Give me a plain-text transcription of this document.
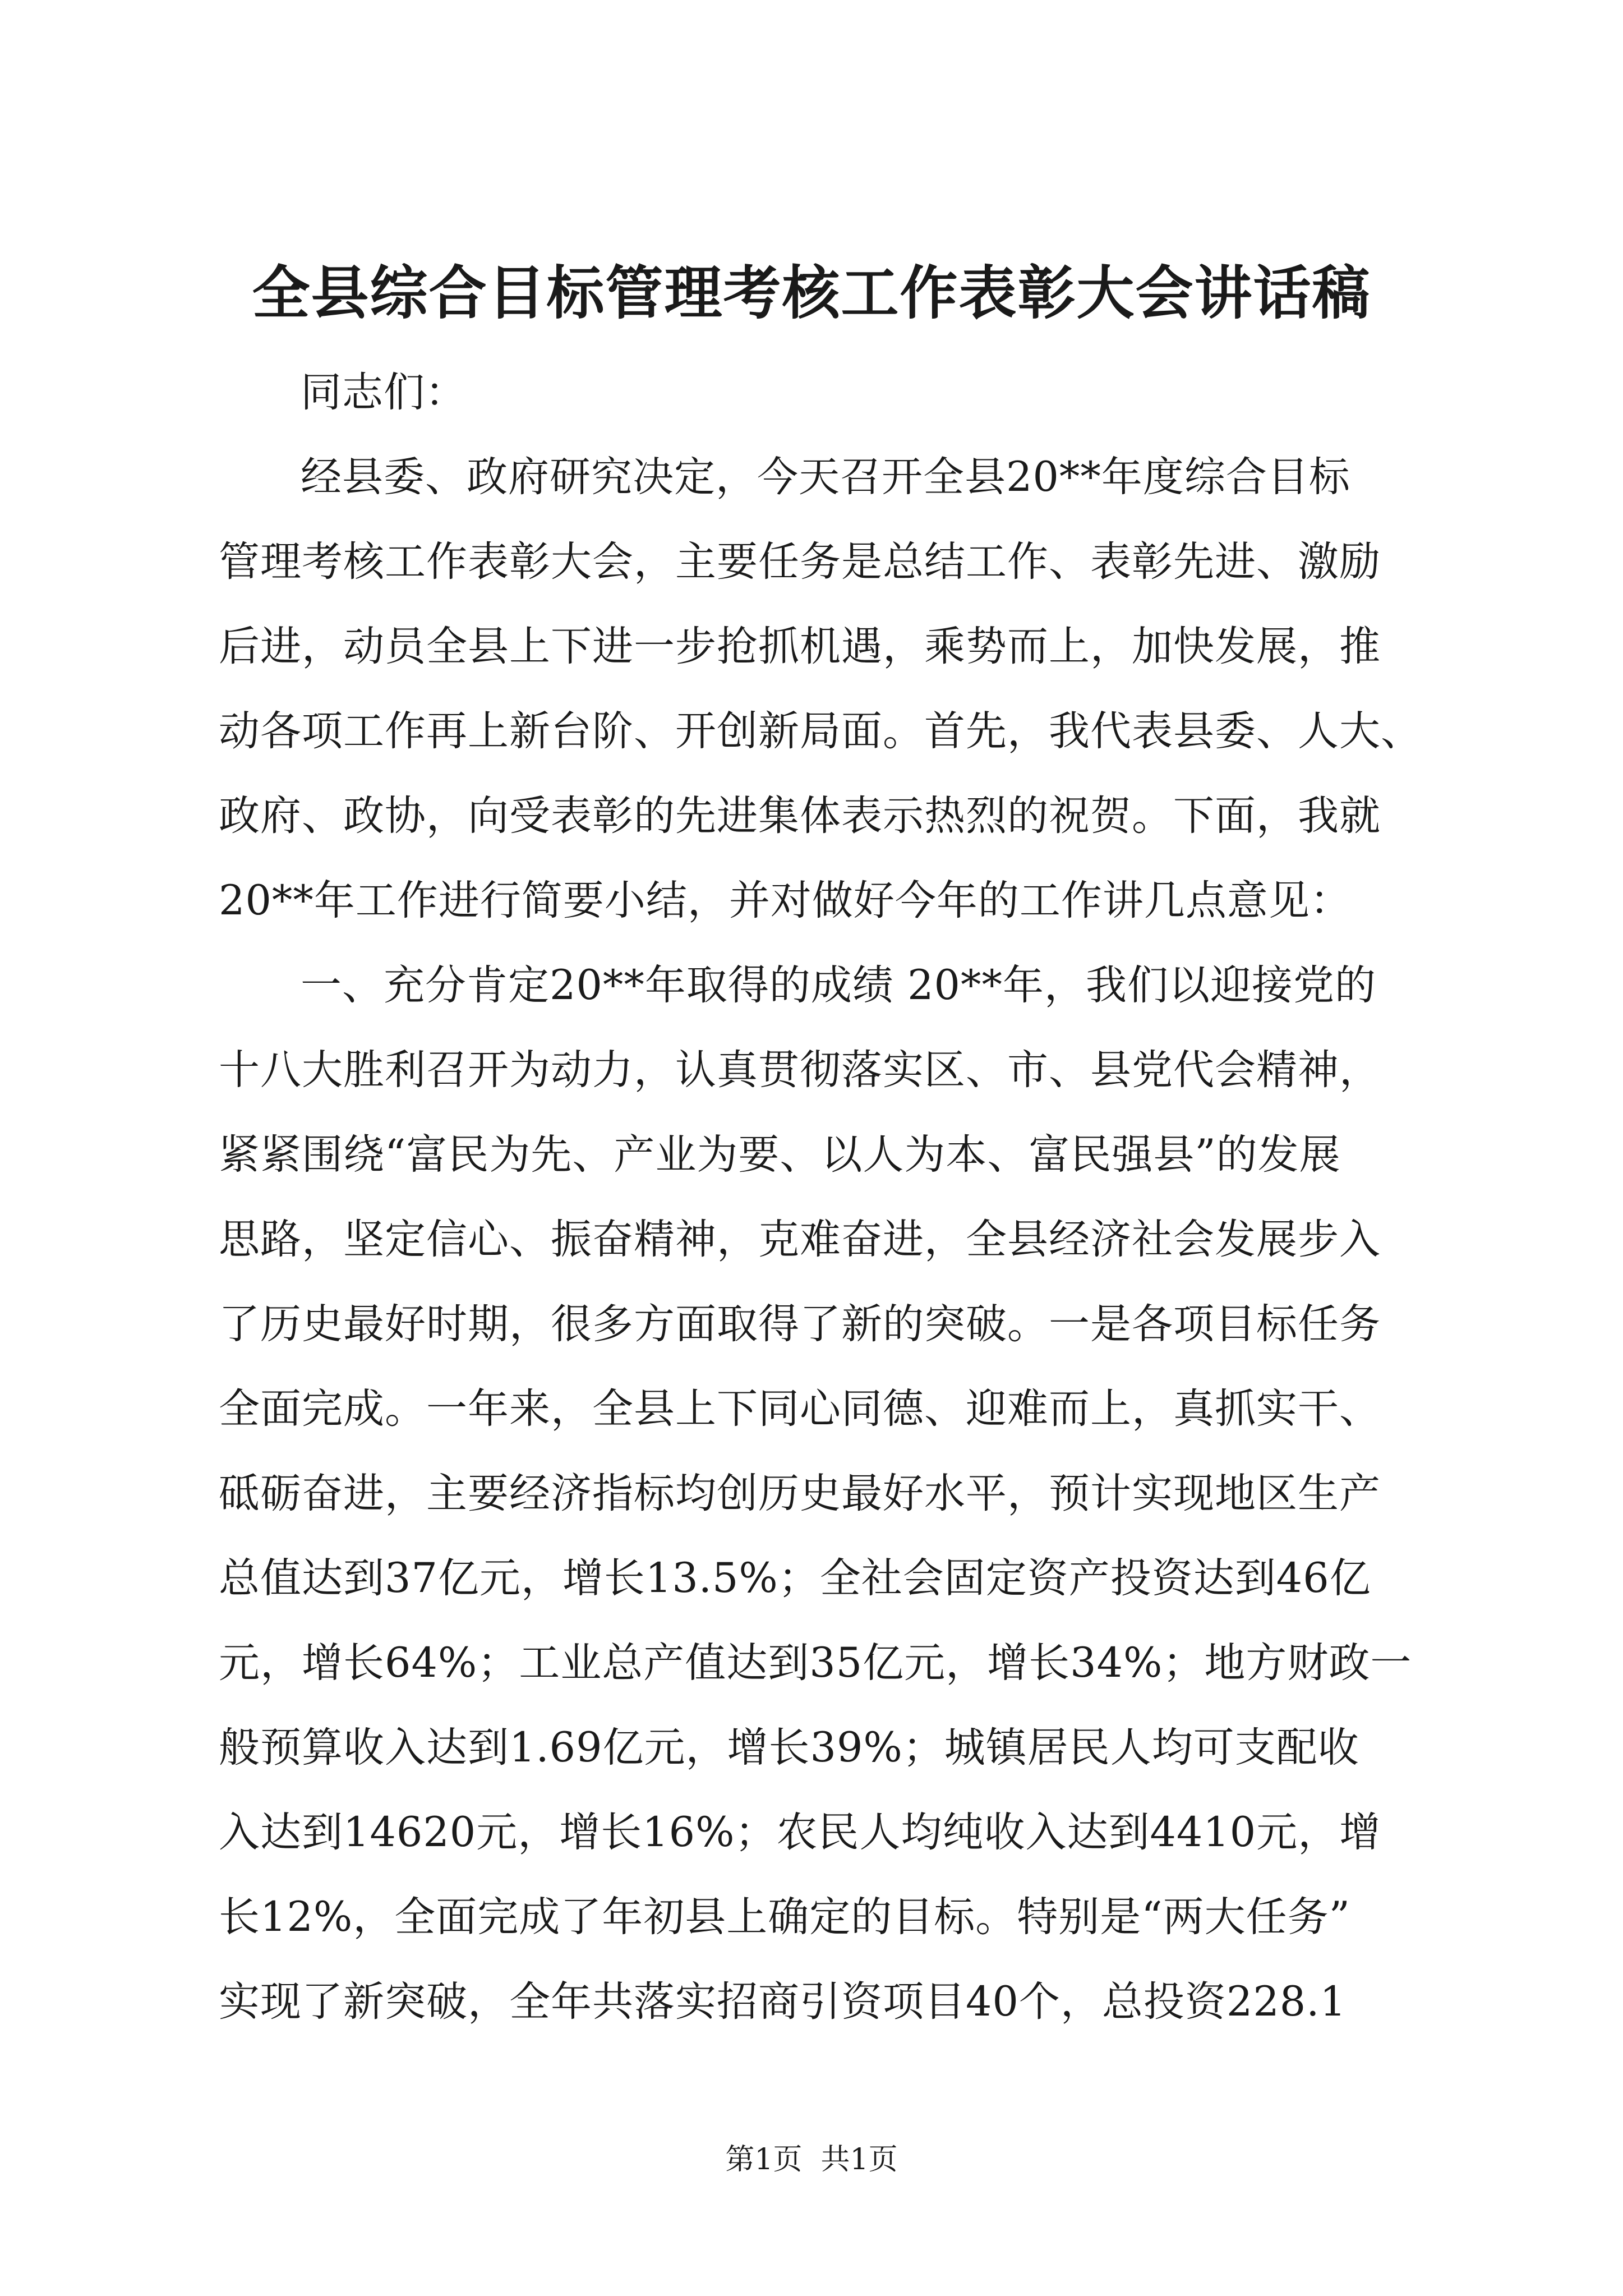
全县综合目标管理考核工作表彰大会讲话稿

同志们：

经县委、政府研究决定，今天召开全县20**年度综合目标
管理考核工作表彰大会，主要任务是总结工作、表彰先进、激励
后进，动员全县上下进一步抢抓机遇，乘势而上，加快发展，推
动各项工作再上新台阶、开创新局面。首先，我代表县委、人大、
政府、政协，向受表彰的先进集体表示热烈的祝贺。下面，我就
20**年工作进行简要小结，并对做好今年的工作讲几点意见：

一、充分肯定20**年取得的成绩 20**年，我们以迎接党的
十八大胜利召开为动力，认真贯彻落实区、市、县党代会精神，
紧紧围绕“富民为先、产业为要、以人为本、富民强县”的发展
思路，坚定信心、振奋精神，克难奋进，全县经济社会发展步入
了历史最好时期，很多方面取得了新的突破。一是各项目标任务
全面完成。一年来，全县上下同心同德、迎难而上，真抓实干、
砥砺奋进，主要经济指标均创历史最好水平，预计实现地区生产
总值达到37亿元，增长13.5%；全社会固定资产投资达到46亿
元，增长64%；工业总产值达到35亿元，增长34%；地方财政一
般预算收入达到1.69亿元，增长39%；城镇居民人均可支配收
入达到14620元，增长16%；农民人均纯收入达到4410元，增
长12%，全面完成了年初县上确定的目标。特别是“两大任务”
实现了新突破，全年共落实招商引资项目40个，总投资228.1

第1页 共1页
